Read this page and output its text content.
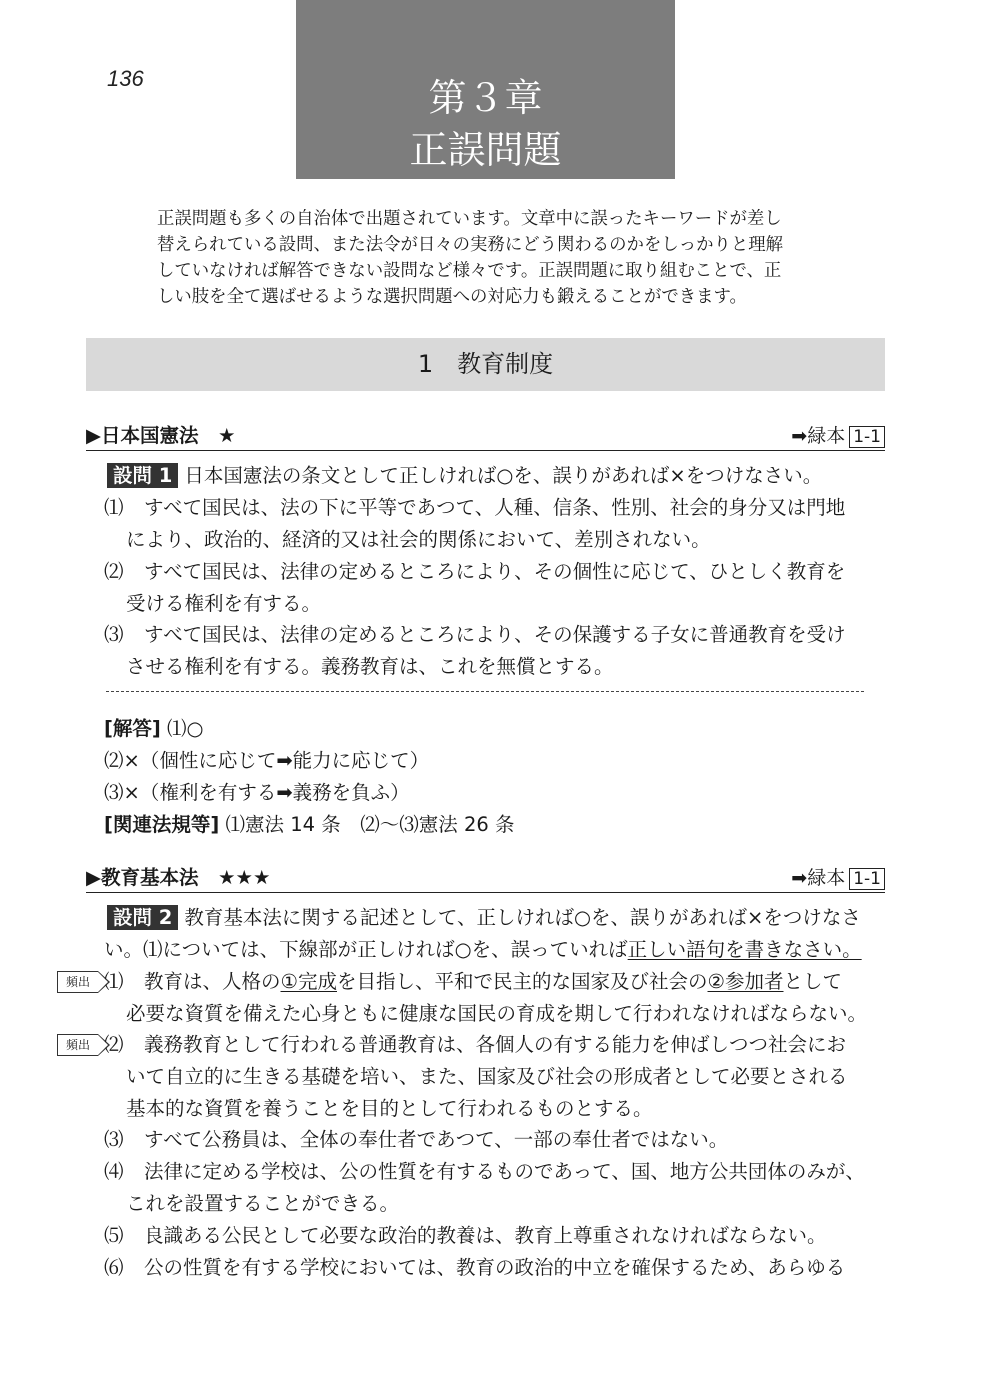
136	第３章
正誤問題
正誤問題も多くの自治体で出題されています。文章中に誤ったキーワードが差し
替えられている設問、また法令が日々の実務にどう関わるのかをしっかりと理解
していなければ解答できない設問など様々です。正誤問題に取り組むことで、正
しい肢を全て選ばせるような選択問題への対応力も鍛えることができます。
1　教育制度
▶日本国憲法　★	➡緑本 1-1
設問 1 日本国憲法の条文として正しければ○を、誤りがあれば×をつけなさい。
⑴ すべて国民は、法の下に平等であつて、人種、信条、性別、社会的身分又は門地
により、政治的、経済的又は社会的関係において、差別されない。
⑵ すべて国民は、法律の定めるところにより、その個性に応じて、ひとしく教育を
受ける権利を有する。
⑶ すべて国民は、法律の定めるところにより、その保護する子女に普通教育を受け
させる権利を有する。義務教育は、これを無償とする。
[解答] ⑴○
⑵×（個性に応じて➡能力に応じて）
⑶×（権利を有する➡義務を負ふ）
[関連法規等] ⑴憲法 14 条　⑵〜⑶憲法 26 条
▶教育基本法　★★★	➡緑本 1-1
設問 2 教育基本法に関する記述として、正しければ○を、誤りがあれば×をつけなさ
い。⑴については、下線部が正しければ○を、誤っていれば正しい語句を書きなさい。
頻出 ⑴ 教育は、人格の①完成を目指し、平和で民主的な国家及び社会の②参加者として
必要な資質を備えた心身ともに健康な国民の育成を期して行われなければならない。
頻出 ⑵ 義務教育として行われる普通教育は、各個人の有する能力を伸ばしつつ社会にお
いて自立的に生きる基礎を培い、また、国家及び社会の形成者として必要とされる
基本的な資質を養うことを目的として行われるものとする。
⑶ すべて公務員は、全体の奉仕者であつて、一部の奉仕者ではない。
⑷ 法律に定める学校は、公の性質を有するものであって、国、地方公共団体のみが、
これを設置することができる。
⑸ 良識ある公民として必要な政治的教養は、教育上尊重されなければならない。
⑹ 公の性質を有する学校においては、教育の政治的中立を確保するため、あらゆる
